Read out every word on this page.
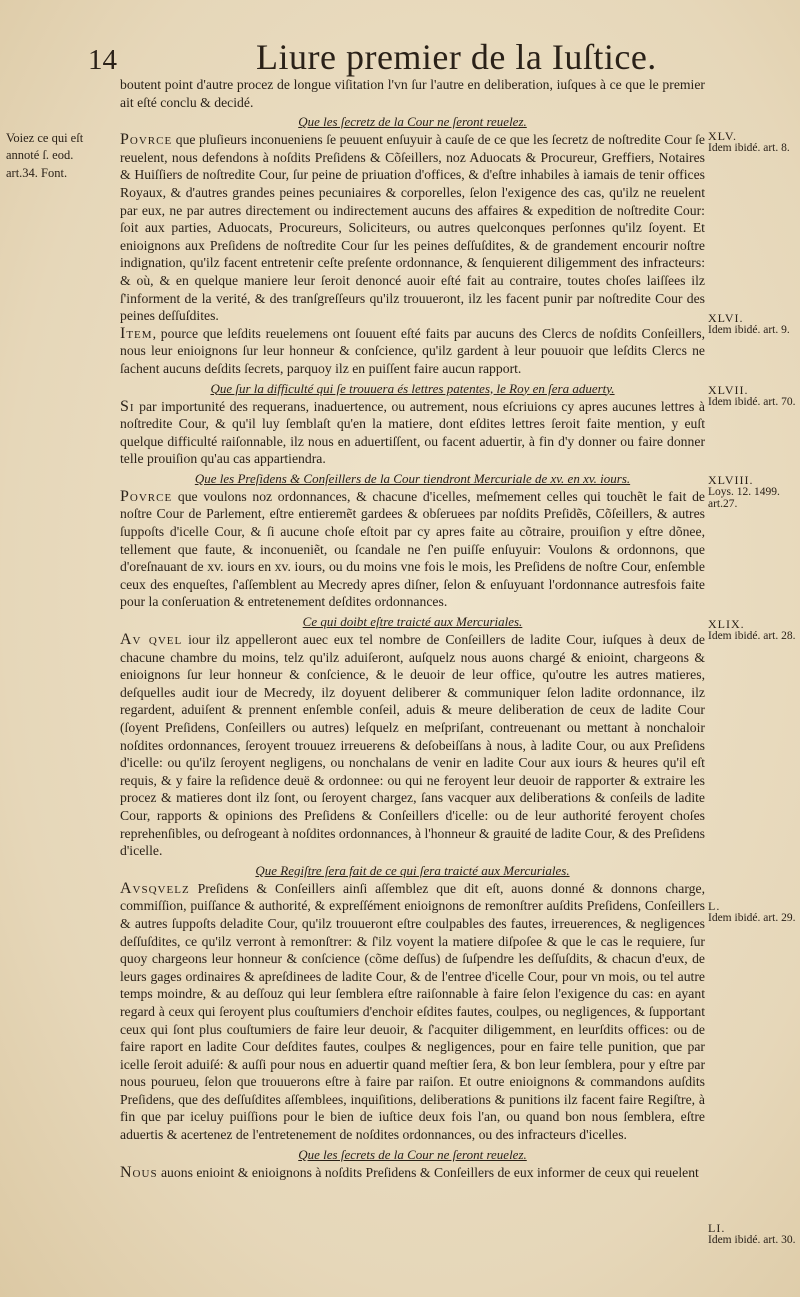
14	Liure premier de la Iuſtice.
Voiez ce qui eſt annoté ſ. eod. art.34. Font.
XLV.
Idem ibidé. art. 8.
XLVI.
Idem ibidé. art. 9.
XLVII.
Idem ibidé. art. 70.
XLVIII.
Loys. 12. 1499. art.27.
XLIX.
Idem ibidé. art. 28.
L.
Idem ibidé. art. 29.
LI.
Idem ibidé. art. 30.

boutent point d'autre procez de longue viſitation l'vn ſur l'autre en deliberation, iuſques à ce que le premier ait eſté conclu & decidé.

Que les ſecretz de la Cour ne ſeront reuelez.

Povrce que pluſieurs inconueniens ſe peuuent enſuyuir à cauſe de ce que les ſecretz de noſtredite Cour ſe reuelent, nous defendons à noſdits Preſidens & Cõſeillers, noz Aduocats & Procureur, Greffiers, Notaires & Huiſſiers de noſtredite Cour, ſur peine de priuation d'offices, & d'eſtre inhabiles à iamais de tenir offices Royaux, & d'autres grandes peines pecuniaires & corporelles, ſelon l'exigence des cas, qu'ilz ne reuelent par eux, ne par autres directement ou indirectement aucuns des affaires & expedition de noſtredite Cour: ſoit aux parties, Aduocats, Procureurs, Soliciteurs, ou autres quelconques perſonnes qu'ilz ſoyent. Et enioignons aux Preſidens de noſtredite Cour ſur les peines deſſuſdites, & de grandement encourir noſtre indignation, qu'ilz facent entretenir ceſte preſente ordonnance, & ſenquierent diligemment des infracteurs: & où, & en quelque maniere leur ſeroit denoncé auoir eſté fait au contraire, toutes choſes laiſſees ilz ſ'informent de la verité, & des tranſgreſſeurs qu'ilz trouueront, ilz les facent punir par noſtredite Cour des peines deſſuſdites.

Item, pource que leſdits reuelemens ont ſouuent eſté faits par aucuns des Clercs de noſdits Conſeillers, nous leur enioignons ſur leur honneur & conſcience, qu'ilz gardent à leur pouuoir que leſdits Clercs ne ſachent aucuns deſdits ſecrets, parquoy ilz en puiſſent faire aucun rapport.

Que ſur la difficulté qui ſe trouuera és lettres patentes, le Roy en ſera aduerty.

Si par importunité des requerans, inaduertence, ou autrement, nous eſcriuions cy apres aucunes lettres à noſtredite Cour, & qu'il luy ſemblaſt qu'en la matiere, dont eſdites lettres ſeroit faite mention, y euſt quelque difficulté raiſonnable, ilz nous en aduertiſſent, ou facent aduertir, à fin d'y donner ou faire donner telle prouiſion qu'au cas appartiendra.

Que les Preſidens & Conſeillers de la Cour tiendront Mercuriale de xv. en xv. iours.

Povrce que voulons noz ordonnances, & chacune d'icelles, meſmement celles qui touchẽt le fait de noſtre Cour de Parlement, eſtre entieremẽt gardees & obſeruees par noſdits Preſidẽs, Cõſeillers, & autres ſuppoſts d'icelle Cour, & ſi aucune choſe eſtoit par cy apres faite au cõtraire, prouiſion y eſtre dõnee, tellement que faute, & inconueniẽt, ou ſcandale ne ſ'en puiſſe enſuyuir: Voulons & ordonnons, que d'oreſnauant de xv. iours en xv. iours, ou du moins vne fois le mois, les Preſidens de noſtre Cour, enſemble ceux des enqueſtes, ſ'aſſemblent au Mecredy apres diſner, ſelon & enſuyuant l'ordonnance autresfois faite pour la conſeruation & entretenement deſdites ordonnances.

Ce qui doibt eſtre traicté aux Mercuriales.

Av qvel iour ilz appelleront auec eux tel nombre de Conſeillers de ladite Cour, iuſques à deux de chacune chambre du moins, telz qu'ilz aduiſeront, auſquelz nous auons chargé & enioint, chargeons & enioignons ſur leur honneur & conſcience, & le deuoir de leur office, qu'outre les autres matieres, deſquelles audit iour de Mecredy, ilz doyuent deliberer & communiquer ſelon ladite ordonnance, ilz regardent, aduiſent & prennent enſemble conſeil, aduis & meure deliberation de ceux de ladite Cour (ſoyent Preſidens, Conſeillers ou autres) leſquelz en meſpriſant, contreuenant ou mettant à nonchaloir noſdites ordonnances, ſeroyent trouuez irreuerens & deſobeiſſans à nous, à ladite Cour, ou aux Preſidens d'icelle: ou qu'ilz ſeroyent negligens, ou nonchalans de venir en ladite Cour aux iours & heures qu'il eſt requis, & y faire la reſidence deuë & ordonnee: ou qui ne feroyent leur deuoir de rapporter & extraire les procez & matieres dont ilz ſont, ou ſeroyent chargez, ſans vacquer aux deliberations & conſeils de ladite Cour, rapports & opinions des Preſidens & Conſeillers d'icelle: ou de leur authorité feroyent choſes reprehenſibles, ou deſrogeant à noſdites ordonnances, à l'honneur & grauité de ladite Cour, & des Preſidens d'icelle.

Que Regiſtre ſera fait de ce qui ſera traicté aux Mercuriales.

Avsqvelz Preſidens & Conſeillers ainſi aſſemblez que dit eſt, auons donné & donnons charge, commiſſion, puiſſance & authorité, & expreſſément enioignons de remonſtrer auſdits Preſidens, Conſeillers & autres ſuppoſts deladite Cour, qu'ilz trouueront eſtre coulpables des fautes, irreuerences, & negligences deſſuſdites, ce qu'ilz verront à remonſtrer: & ſ'ilz voyent la matiere diſpoſee & que le cas le requiere, ſur quoy chargeons leur honneur & conſcience (cõme deſſus) de ſuſpendre les deſſuſdits, & chacun d'eux, de leurs gages ordinaires & apreſdinees de ladite Cour, & de l'entree d'icelle Cour, pour vn mois, ou tel autre temps moindre, & au deſſouz qui leur ſemblera eſtre raiſonnable à faire ſelon l'exigence du cas: en ayant regard à ceux qui ſeroyent plus couſtumiers d'enchoir eſdites fautes, coulpes, ou negligences, & ſupportant ceux qui ſont plus couſtumiers de faire leur deuoir, & ſ'acquiter diligemment, en leurſdits offices: ou de faire raport en ladite Cour deſdites fautes, coulpes & negligences, pour en faire telle punition, que par icelle ſeroit aduiſé: & auſſi pour nous en aduertir quand meſtier ſera, & bon leur ſemblera, pour y eſtre par nous pourueu, ſelon que trouuerons eſtre à faire par raiſon. Et outre enioignons & commandons auſdits Preſidens, que des deſſuſdites aſſemblees, inquiſitions, deliberations & punitions ilz facent faire Regiſtre, à fin que par iceluy puiſſions pour le bien de iuſtice deux fois l'an, ou quand bon nous ſemblera, eſtre aduertis & acertenez de l'entretenement de noſdites ordonnances, ou des infracteurs d'icelles.

Que les ſecrets de la Cour ne ſeront reuelez.

Nous auons enioint & enioignons à noſdits Preſidens & Conſeillers de eux informer de ceux qui reuelent
